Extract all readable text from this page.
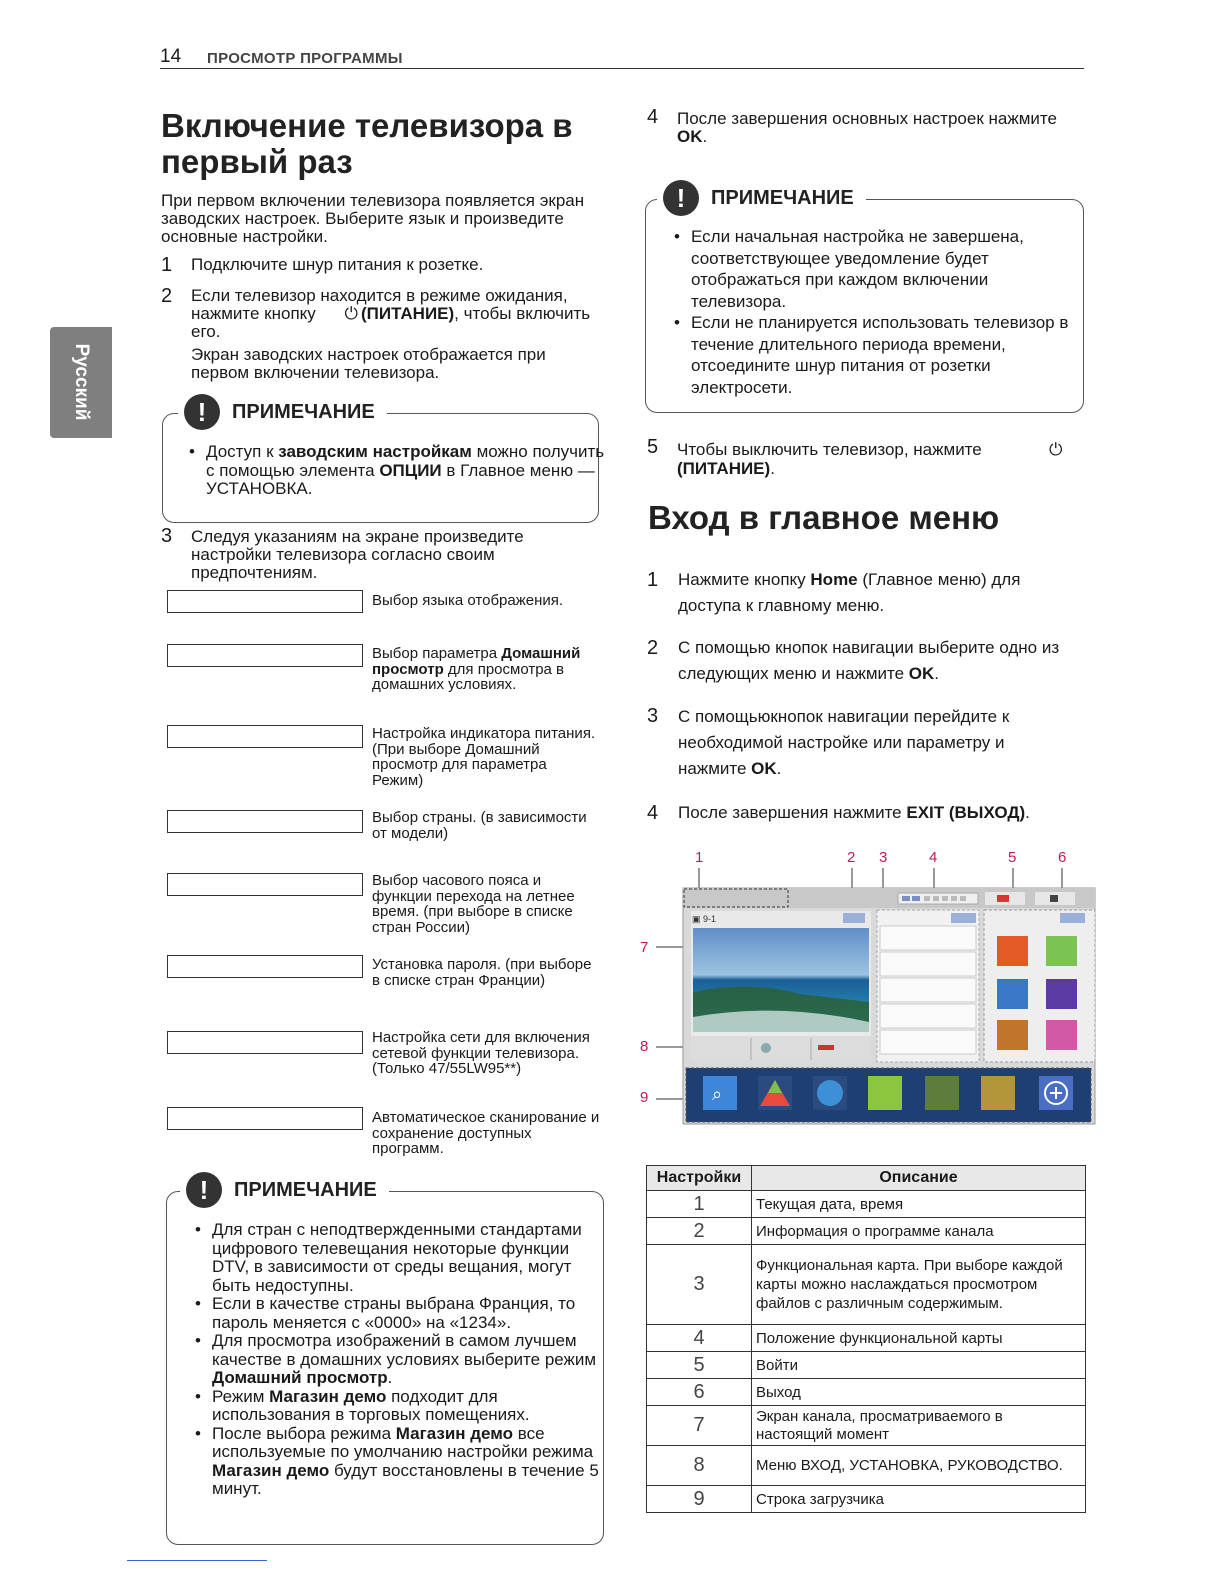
14 ПРОСМОТР ПРОГРАММЫ
Русский
Включение телевизора в первый раз
При первом включении телевизора появляется экран заводских настроек. Выберите язык и произведите основные настройки.
1 Подключите шнур питания к розетке.
2 Если телевизор находится в режиме ожидания, нажмите кнопку ⏻ (ПИТАНИЕ), чтобы включить его.
Экран заводских настроек отображается при первом включении телевизора.
!	ПРИМЕЧАНИЕ
• Доступ к заводским настройкам можно получить с помощью элемента ОПЦИИ в Главное меню — УСТАНОВКА.
3 Следуя указаниям на экране произведите настройки телевизора согласно своим предпочтениям.
Выбор языка отображения.
Выбор параметра Домашний просмотр для просмотра в домашних условиях.
Настройка индикатора питания. (При выборе Домашний просмотр для параметра Режим)
Выбор страны. (в зависимости от модели)
Выбор часового пояса и функции перехода на летнее время. (при выборе в списке стран России)
Установка пароля. (при выборе в списке стран Франции)
Настройка сети для включения сетевой функции телевизора. (Только 47/55LW95**)
Автоматическое сканирование и сохранение доступных программ.
!	ПРИМЕЧАНИЕ
• Для стран с неподтвержденными стандартами цифрового телевещания некоторые функции DTV, в зависимости от среды вещания, могут быть недоступны.
• Если в качестве страны выбрана Франция, то пароль меняется с «0000» на «1234».
• Для просмотра изображений в самом лучшем качестве в домашних условиях выберите режим Домашний просмотр.
• Режим Магазин демо подходит для использования в торговых помещениях.
• После выбора режима Магазин демо все используемые по умолчанию настройки режима Магазин демо будут восстановлены в течение 5 минут.
4 После завершения основных настроек нажмите OK.
!	ПРИМЕЧАНИЕ
• Если начальная настройка не завершена, соответствующее уведомление будет отображаться при каждом включении телевизора.
• Если не планируется использовать телевизор в течение длительного периода времени, отсоедините шнур питания от розетки электросети.
5 Чтобы выключить телевизор, нажмите	⏻

(ПИТАНИЕ).
Вход в главное меню
1 Нажмите кнопку Home (Главное меню) для доступа к главному меню.
2 С помощью кнопок навигации выберите одно из следующих меню и нажмите OK.
3 С помощьюкнопок навигации перейдите к необходимой настройке или параметру и нажмите OK.
4 После завершения нажмите EXIT (ВЫХОД).
1	2 3	4	5	6
7
8
9
▣ 9-1
⌕
Настройки	Описание
1	Текущая дата, время
2	Информация о программе канала
3	Функциональная карта. При выборе каждой карты можно наслаждаться просмотром файлов с различным содержимым.
4	Положение функциональной карты
5	Войти
6	Выход
7	Экран канала, просматриваемого в настоящий момент
8	Меню ВХОД, УСТАНОВКА, РУКОВОДСТВО.
9	Строка загрузчика
